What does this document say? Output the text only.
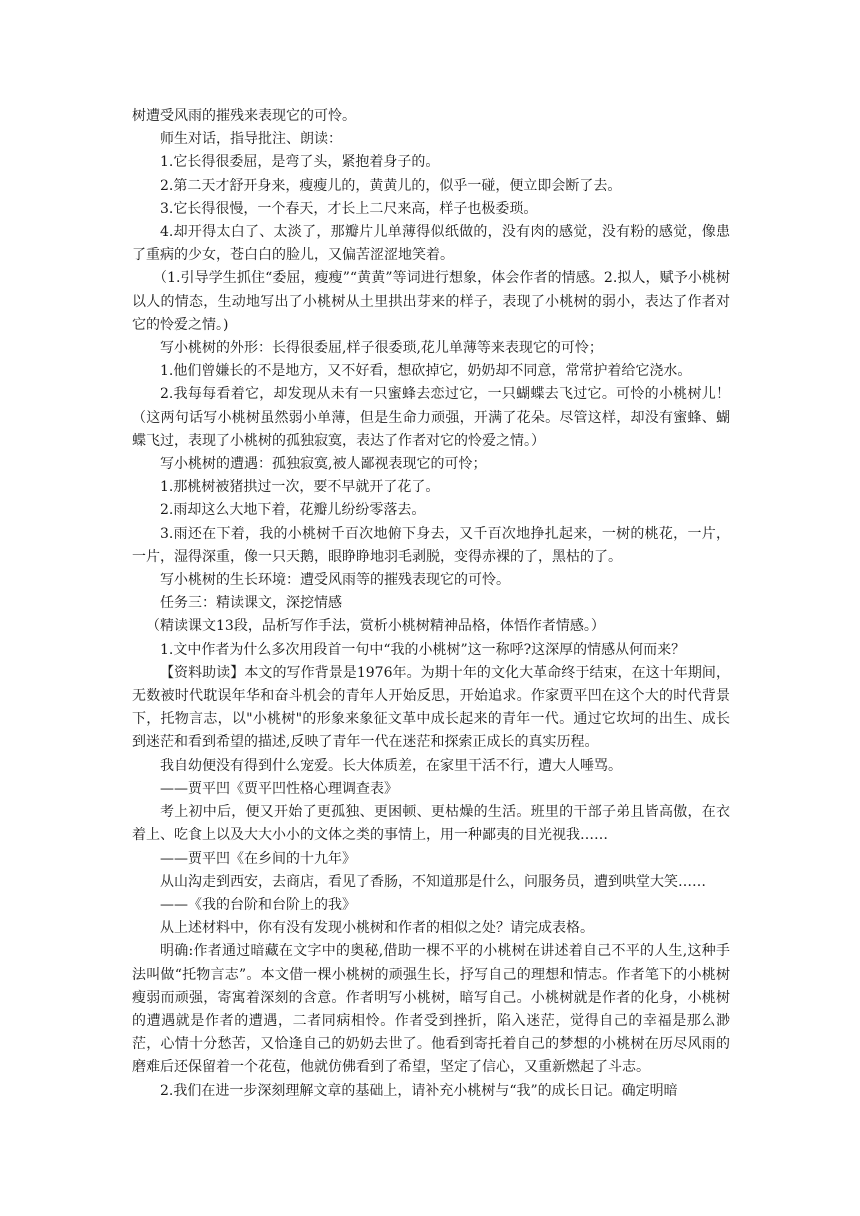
树遭受风雨的摧残来表现它的可怜。

师生对话，指导批注、朗读：

1.它长得很委屈，是弯了头，紧抱着身子的。

2.第二天才舒开身来，瘦瘦儿的，黄黄儿的，似乎一碰，便立即会断了去。

3.它长得很慢，一个春天，才长上二尺来高，样子也极委琐。

4.却开得太白了、太淡了，那瓣片儿单薄得似纸做的，没有肉的感觉，没有粉的感觉，像患了重病的少女，苍白白的脸儿，又偏苦涩涩地笑着。

（1.引导学生抓住“委屈，瘦瘦”“黄黄”等词进行想象，体会作者的情感。2.拟人，赋予小桃树以人的情态，生动地写出了小桃树从土里拱出芽来的样子，表现了小桃树的弱小，表达了作者对它的怜爱之情。)

写小桃树的外形：长得很委屈,样子很委琐,花儿单薄等来表现它的可怜；

1.他们曾嫌长的不是地方，又不好看，想砍掉它，奶奶却不同意，常常护着给它浇水。

2.我每每看着它，却发现从未有一只蜜蜂去恋过它，一只蝴蝶去飞过它。可怜的小桃树儿！ （这两句话写小桃树虽然弱小单薄，但是生命力顽强，开满了花朵。尽管这样，却没有蜜蜂、蝴蝶飞过，表现了小桃树的孤独寂寞，表达了作者对它的怜爱之情。）

写小桃树的遭遇：孤独寂寞,被人鄙视表现它的可怜；

1.那桃树被猪拱过一次，要不早就开了花了。

2.雨却这么大地下着，花瓣儿纷纷零落去。

3.雨还在下着，我的小桃树千百次地俯下身去，又千百次地挣扎起来，一树的桃花，一片，一片，湿得深重，像一只天鹅，眼睁睁地羽毛剥脱，变得赤裸的了，黑枯的了。

写小桃树的生长环境：遭受风雨等的摧残表现它的可怜。

任务三：精读课文，深挖情感

（精读课文13段，品析写作手法，赏析小桃树精神品格，体悟作者情感。）

1.文中作者为什么多次用段首一句中“我的小桃树”这一称呼?这深厚的情感从何而来？

【资料助读】本文的写作背景是1976年。为期十年的文化大革命终于结束，在这十年期间，无数被时代耽误年华和奋斗机会的青年人开始反思，开始追求。作家贾平凹在这个大的时代背景下，托物言志，以"小桃树"的形象来象征文革中成长起来的青年一代。通过它坎坷的出生、成长到迷茫和看到希望的描述,反映了青年一代在迷茫和探索正成长的真实历程。

我自幼便没有得到什么宠爱。长大体质差，在家里干活不行，遭大人唾骂。

——贾平凹《贾平凹性格心理调查表》

考上初中后，便又开始了更孤独、更困顿、更枯燥的生活。班里的干部子弟且皆高傲，在衣着上、吃食上以及大大小小的文体之类的事情上，用一种鄙夷的目光视我……

——贾平凹《在乡间的十九年》

从山沟走到西安，去商店，看见了香肠，不知道那是什么，问服务员，遭到哄堂大笑……

——《我的台阶和台阶上的我》

从上述材料中，你有没有发现小桃树和作者的相似之处？请完成表格。

明确:作者通过暗藏在文字中的奥秘,借助一棵不平的小桃树在讲述着自己不平的人生,这种手法叫做“托物言志”。本文借一棵小桃树的顽强生长，抒写自己的理想和情志。作者笔下的小桃树瘦弱而顽强，寄寓着深刻的含意。作者明写小桃树，暗写自己。小桃树就是作者的化身，小桃树的遭遇就是作者的遭遇，二者同病相怜。作者受到挫折，陷入迷茫，觉得自己的幸福是那么渺茫，心情十分愁苦，又恰逢自己的奶奶去世了。他看到寄托着自己的梦想的小桃树在历尽风雨的磨难后还保留着一个花苞，他就仿佛看到了希望，坚定了信心，又重新燃起了斗志。

2.我们在进一步深刻理解文章的基础上，请补充小桃树与“我”的成长日记。确定明暗
